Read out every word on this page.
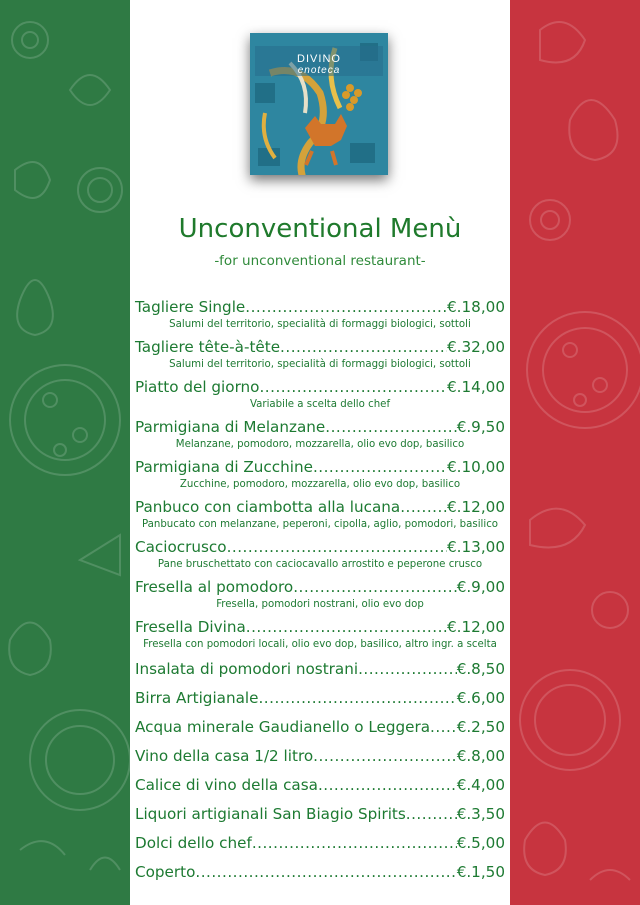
DIVINO
enoteca
Unconventional Menù
-for unconventional restaurant-
Tagliere Single .....	€.18,00
Salumi del territorio, specialità di formaggi biologici, sottoli
Tagliere tête-à-tête .....	€.32,00
Salumi del territorio, specialità di formaggi biologici, sottoli
Piatto del giorno .....	€.14,00
Variabile a scelta dello chef
Parmigiana di Melanzane .....	€.9,50
Melanzane, pomodoro, mozzarella, olio evo dop, basilico
Parmigiana di Zucchine .....	€.10,00
Zucchine, pomodoro, mozzarella, olio evo dop, basilico
Panbuco con ciambotta alla lucana .....	€.12,00
Panbucato con melanzane, peperoni, cipolla, aglio, pomodori, basilico
Caciocrusco .....	€.13,00
Pane bruschettato con caciocavallo arrostito e peperone crusco
Fresella al pomodoro .....	€.9,00
Fresella, pomodori nostrani, olio evo dop
Fresella Divina .....	€.12,00
Fresella con pomodori locali, olio evo dop, basilico, altro ingr. a scelta
Insalata di pomodori nostrani .....	€.8,50
Birra Artigianale .....	€.6,00
Acqua minerale Gaudianello o Leggera ..... €.2,50
Vino della casa 1/2 litro .....	€.8,00
Calice di vino della casa .....	€.4,00
Liquori artigianali San Biagio Spirits .....	€.3,50
Dolci dello chef .....	€.5,00
Coperto .....	€.1,50
